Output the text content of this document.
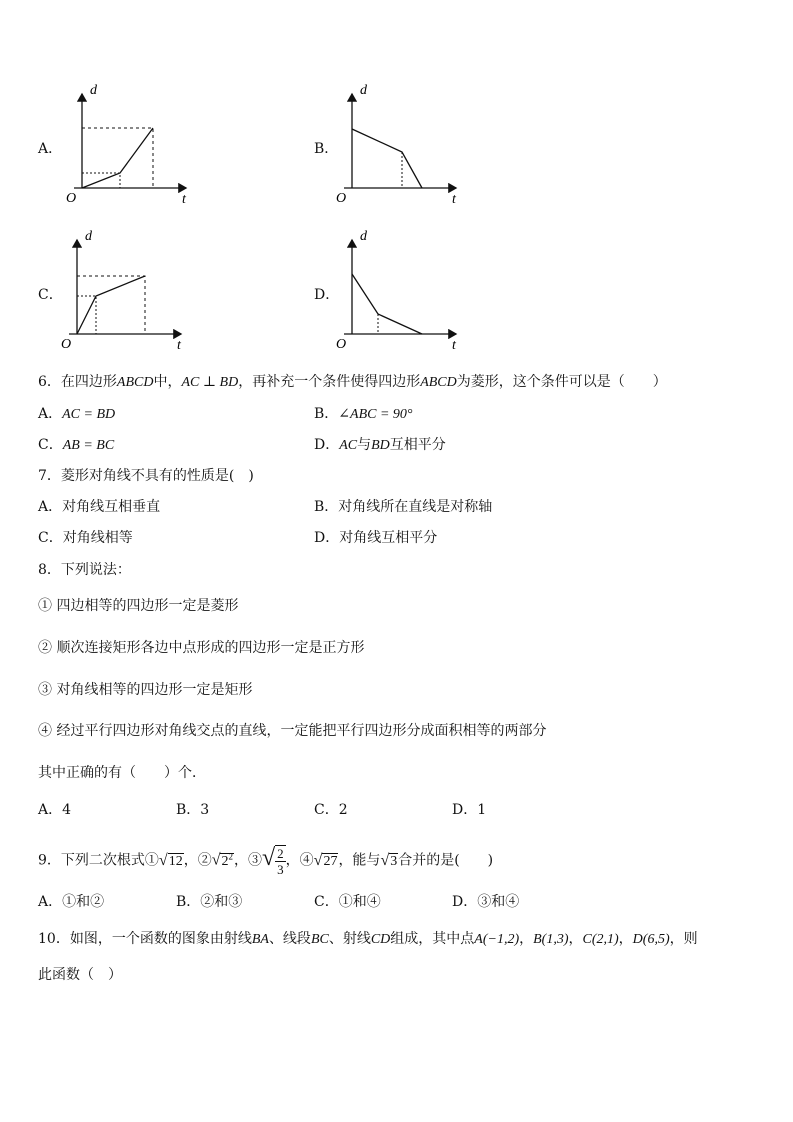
A．
d
t
O
B．
d
t
O
C．
d
t
O
D．
d
t
O
6．在四边形ABCD中，AC ⊥ BD，再补充一个条件使得四边形ABCD为菱形，这个条件可以是（　　）
A．AC = BD	B．∠ABC = 90°
C．AB = BC	D．AC与BD互相平分
7．菱形对角线不具有的性质是(　)
A．对角线互相垂直	B．对角线所在直线是对称轴
C．对角线相等	D．对角线互相平分
8．下列说法：
① 四边相等的四边形一定是菱形
② 顺次连接矩形各边中点形成的四边形一定是正方形
③ 对角线相等的四边形一定是矩形
④ 经过平行四边形对角线交点的直线，一定能把平行四边形分成面积相等的两部分
其中正确的有（　　）个．
A．4	B．3	C．2	D．1
9．下列二次根式①√12，$②√2^2$，③√ $\frac{2}{3}$ ，④√27，能与√3合并的是(　　)
A．①和②	B．②和③	C．①和④	D．③和④
10．如图，一个函数的图象由射线BA、线段BC、射线CD组成，其中点A(−1,2)，B(1,3)，C(2,1)，D(6,5)，则
此函数（　）
